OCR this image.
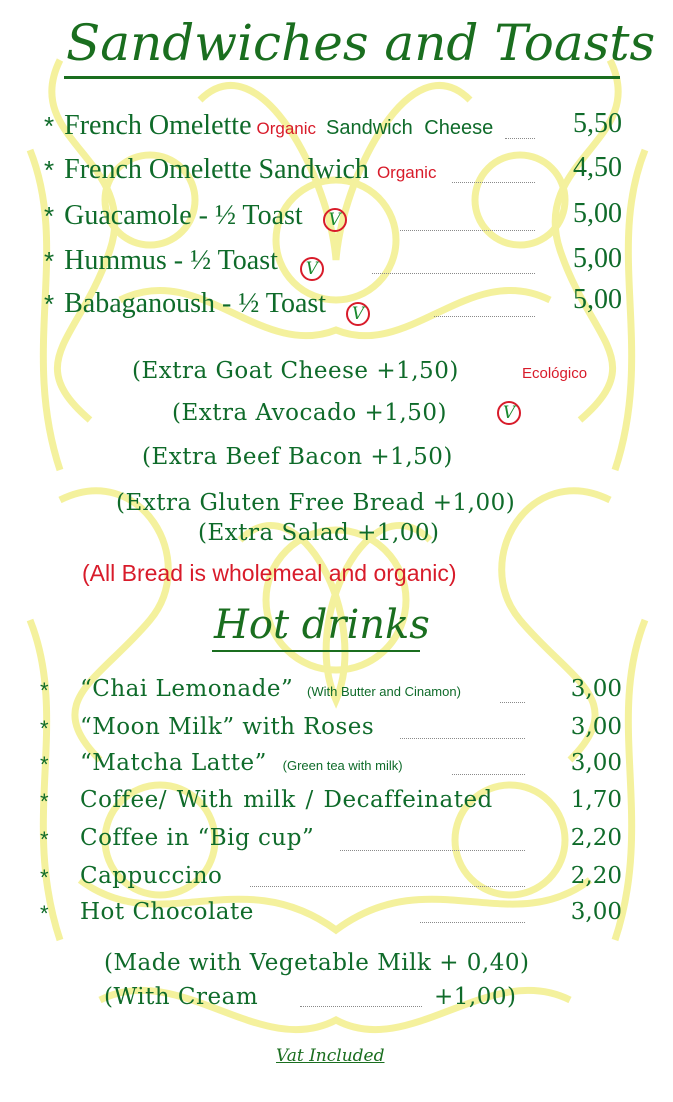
Sandwiches and Toasts
* French Omelette Organic Sandwich Cheese	5,50
* French Omelette Sandwich Organic	4,50
* Guacamole - ½ Toast	V	5,00
* Hummus - ½ Toast	V	5,00
* Babaganoush - ½ Toast	V	5,00
(Extra Goat Cheese +1,50)	Ecológico
(Extra Avocado +1,50)	V
(Extra Beef Bacon +1,50)
(Extra Gluten Free Bread +1,00)
(Extra Salad +1,00)
(All Bread is wholemeal and organic)
Hot drinks
* “Chai Lemonade” (With Butter and Cinamon)	3,00
* “Moon Milk” with Roses	3,00
* “Matcha Latte” (Green tea with milk)	3,00
* Coffee/ With milk / Decaffeinated	1,70
* Coffee in “Big cup”	2,20
* Cappuccino	2,20
* Hot Chocolate	3,00
(Made with Vegetable Milk + 0,40)
(With Cream	+1,00)
Vat Included
